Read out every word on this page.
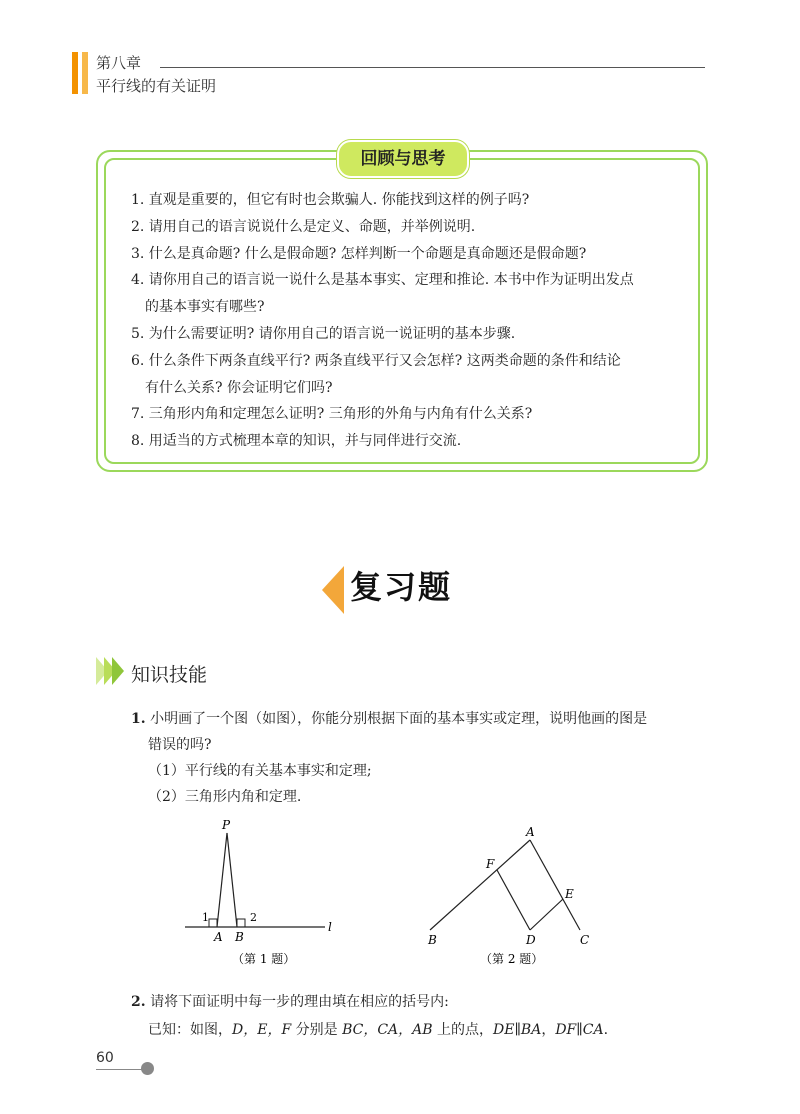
第八章
平行线的有关证明
回顾与思考
1. 直观是重要的，但它有时也会欺骗人. 你能找到这样的例子吗?
2. 请用自己的语言说说什么是定义、命题，并举例说明.
3. 什么是真命题? 什么是假命题? 怎样判断一个命题是真命题还是假命题?
4. 请你用自己的语言说一说什么是基本事实、定理和推论. 本书中作为证明出发点
的基本事实有哪些?
5. 为什么需要证明? 请你用自己的语言说一说证明的基本步骤.
6. 什么条件下两条直线平行? 两条直线平行又会怎样? 这两类命题的条件和结论
有什么关系? 你会证明它们吗?
7. 三角形内角和定理怎么证明? 三角形的外角与内角有什么关系?
8. 用适当的方式梳理本章的知识，并与同伴进行交流.
复习题
知识技能
1. 小明画了一个图（如图），你能分别根据下面的基本事实或定理，说明他画的图是
错误的吗?
（1）平行线的有关基本事实和定理;
（2）三角形内角和定理.
P
A B
l
1	2
（第 1 题）
A
F
E
B	D	C
（第 2 题）
2. 请将下面证明中每一步的理由填在相应的括号内:
已知：如图，D，E，F 分别是 BC，CA，AB 上的点，DE∥BA，DF∥CA.
60
